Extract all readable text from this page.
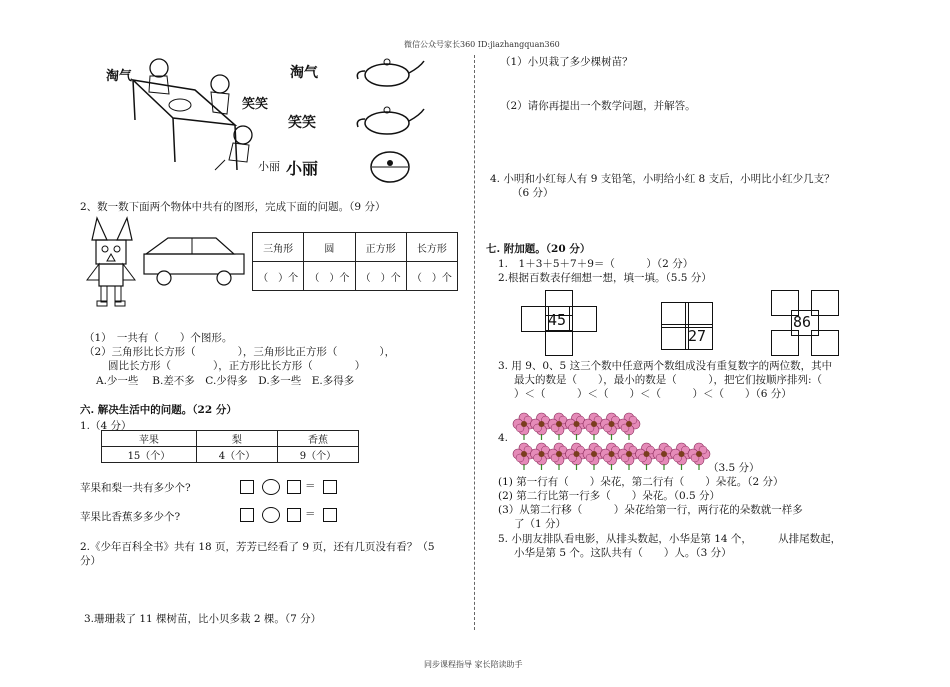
微信公众号家长360 ID:jiazhangquan360
淘气
笑笑
小丽 小丽
淘气
笑笑
2、数一数下面两个物体中共有的图形，完成下面的问题。（9 分）
三角形	圆	正方形	长方形
（　）个	（　）个	（　）个	（　）个
（1）　一共有（　　）个图形。
（2）三角形比长方形（　　　　），三角形比正方形（　　　　），
圆比长方形（　　　　），正方形比长方形（　　　　）
A.少一些　 B.差不多　C.少得多　D.多一些　E.多得多
六. 解决生活中的问题。（22 分）
1.（4 分）
苹果	梨	香蕉
15（个）	4（个）	9（个）
苹果和梨一共有多少个?	＝
苹果比香蕉多多少个?	＝
2.《少年百科全书》共有 18 页，芳芳已经看了 9 页，还有几页没有看？（5
分）
3.珊珊栽了 11 棵树苗，比小贝多栽 2 棵。（7 分）
（1）小贝栽了多少棵树苗？
（2）请你再提出一个数学问题，并解答。
4. 小明和小红每人有 9 支铅笔，小明给小红 8 支后，小明比小红少几支？
（6 分）
七. 附加题。（20 分）
1.　1＋3＋5＋7＋9＝（　　　）（2 分）
2.根据百数表仔细想一想，填一填。（5.5 分）
45
27
86
3. 用 9、0、5 这三个数中任意两个数组成没有重复数字的两位数，其中
最大的数是（　　），最小的数是（　　　），把它们按顺序排列:（
）＜（　　　）＜（　　）＜（　　　）＜（　　）（6 分）
4.
（3.5 分）
(1) 第一行有（　　）朵花，第二行有（　　）朵花。（2 分）
(2) 第二行比第一行多（　　）朵花。（0.5 分）
(3）从第二行移（　　　）朵花给第一行，两行花的朵数就一样多
了（1 分）
5. 小朋友排队看电影，从排头数起，小华是第 14 个，　　　从排尾数起，
小华是第 5 个。这队共有（　　）人。（3 分）
同步课程指导 家长陪读助手
